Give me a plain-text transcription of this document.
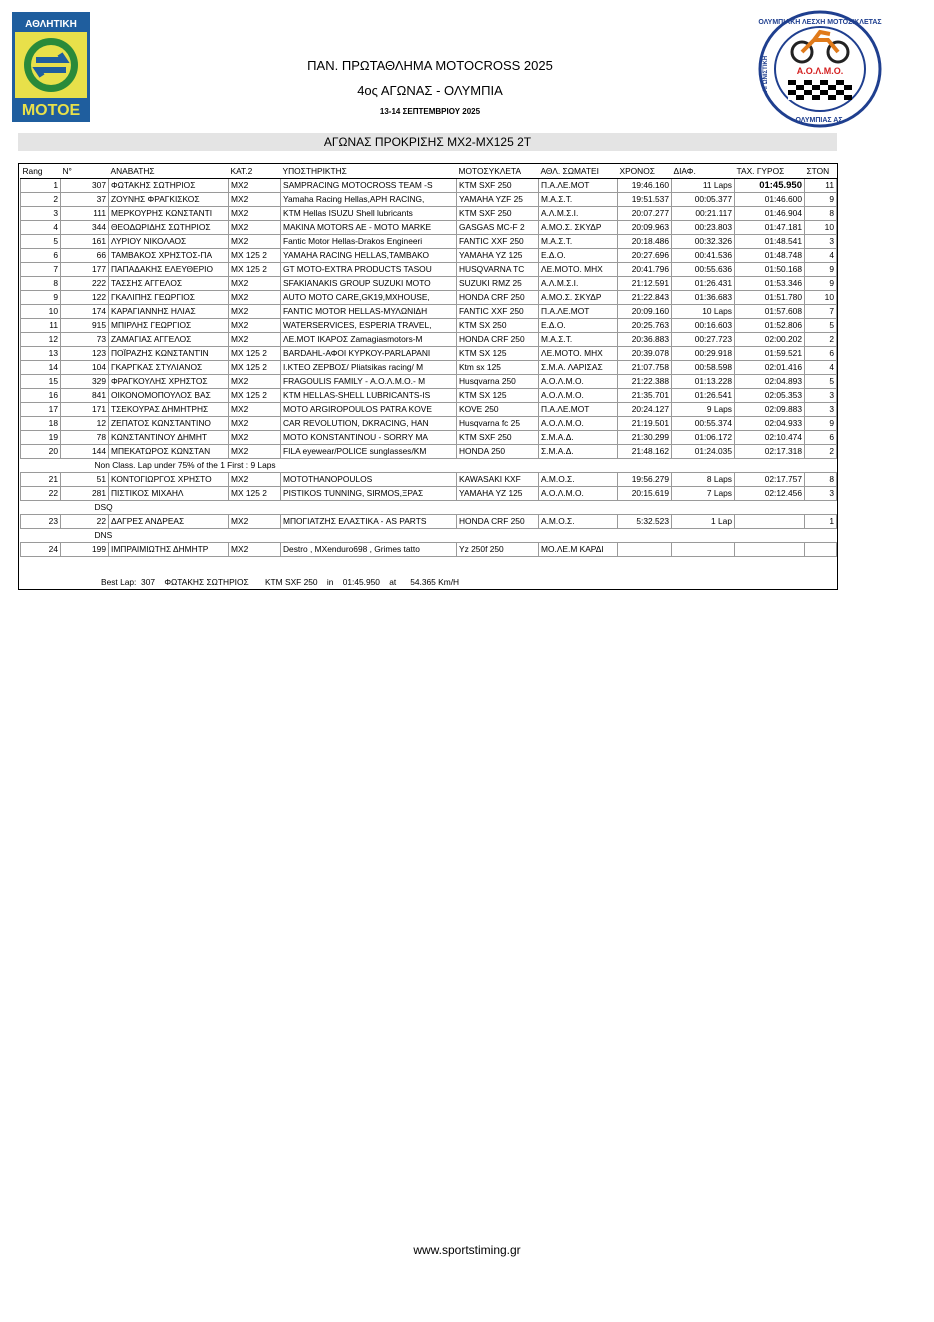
ΑΘΛΗΤΙΚΗ
ΜΟΤΟΕ
ΟΛΥΜΠΙΑΚΗ ΛΕΣΧΗ ΜΟΤΟΣΙΚΛΕΤΑΣ
ΟΛΥΜΠΙΑΣ ΑΣ.
ΑΓΩΝΙΣΤΙΚΗ	Α.Ο.Λ.Μ.Ο.
ΠΑΝ. ΠΡΩΤΑΘΛΗΜΑ MOTOCROSS 2025
4ος ΑΓΩΝΑΣ - ΟΛΥΜΠΙΑ
13-14 ΣΕΠΤΕΜΒΡΙΟΥ 2025
ΑΓΩΝΑΣ ΠΡΟΚΡΙΣΗΣ MX2-MX125 2T
Rang	N°	ΑΝΑΒΑΤΗΣ	ΚΑΤ.2	ΥΠΟΣΤΗΡΙΚΤΗΣ	ΜΟΤΟΣΥΚΛΕΤΑ	ΑΘΛ. ΣΩΜΑΤΕΙ	ΧΡΟΝΟΣ	ΔΙΑΦ.	ΤΑΧ. ΓΥΡΟΣ	ΣΤΟΝ
1	307	ΦΩΤΑΚΗΣ ΣΩΤΗΡΙΟΣ	MX2	SAMPRACING MOTOCROSS TEAM -S	KTM SXF 250	Π.Α.ΛΕ.ΜΟΤ	19:46.160	11 Laps	01:45.950	11
2	37	ΖΟΥΝΗΣ ΦΡΑΓΚΙΣΚΟΣ	MX2	Yamaha Racing Hellas,APH RACING,	YAMAHA YZF 25	Μ.Α.Σ.Τ.	19:51.537	00:05.377	01:46.600	9
3	111	ΜΕΡΚΟΥΡΗΣ ΚΩΝΣΤΑΝΤΙ	MX2	KTM Hellas ISUZU Shell lubricants	KTM SXF 250	Α.Λ.Μ.Σ.Ι.	20:07.277	00:21.117	01:46.904	8
4	344	ΘΕΟΔΩΡΙΔΗΣ ΣΩΤΗΡΙΟΣ	MX2	MAKINA MOTORS AE - MOTO MARKE	GASGAS MC-F 2	Α.ΜΟ.Σ. ΣΚΥΔΡ	20:09.963	00:23.803	01:47.181	10
5	161	ΛΥΡΙΟΥ ΝΙΚΟΛΑΟΣ	MX2	Fantic Motor Hellas-Drakos Engineeri	FANTIC XXF 250	Μ.Α.Σ.Τ.	20:18.486	00:32.326	01:48.541	3
6	66	ΤΑΜΒΑΚΟΣ ΧΡΗΣΤΟΣ-ΠΑ	MX 125 2	YAMAHA RACING HELLAS,ΤΑΜΒΑΚΟ	YAMAHA YZ 125	Ε.Δ.Ο.	20:27.696	00:41.536	01:48.748	4
7	177	ΠΑΠΑΔΑΚΗΣ ΕΛΕΥΘΕΡΙΟ	MX 125 2	GT MOTO-EXTRA PRODUCTS TASOU	HUSQVARNA TC	ΛΕ.ΜΟΤΟ. ΜΗΧ	20:41.796	00:55.636	01:50.168	9
8	222	ΤΑΣΣΗΣ ΑΓΓΕΛΟΣ	MX2	SFAKIANAKIS GROUP SUZUKI MOTO	SUZUKI RMZ 25	Α.Λ.Μ.Σ.Ι.	21:12.591	01:26.431	01:53.346	9
9	122	ΓΚΑΛΙΠΗΣ ΓΕΩΡΓΙΟΣ	MX2	AUTO MOTO CARE,GK19,MXHOUSE,	HONDA CRF 250	Α.ΜΟ.Σ. ΣΚΥΔΡ	21:22.843	01:36.683	01:51.780	10
10	174	ΚΑΡΑΓΙΑΝΝΗΣ ΗΛΙΑΣ	MX2	FANTIC MOTOR HELLAS-ΜΥΛΩΝΙΔΗ	FANTIC XXF 250	Π.Α.ΛΕ.ΜΟΤ	20:09.160	10 Laps	01:57.608	7
11	915	ΜΠΙΡΛΗΣ ΓΕΩΡΓΙΟΣ	MX2	WATERSERVICES, ESPERIA TRAVEL,	KTM SX 250	Ε.Δ.Ο.	20:25.763	00:16.603	01:52.806	5
12	73	ΖΑΜΑΓΙΑΣ ΑΓΓΕΛΟΣ	MX2	ΛΕ.ΜΟΤ ΙΚΑΡΟΣ Zamagiasmotors-M	HONDA CRF 250	Μ.Α.Σ.Τ.	20:36.883	00:27.723	02:00.202	2
13	123	ΠΟΪΡΑΖΗΣ ΚΩΝΣΤΑΝΤΊΝ	MX 125 2	BARDAHL-ΑΦΟΙ ΚΥΡΚΟΥ-PARLAPANI	KTM SX 125	ΛΕ.ΜΟΤΟ. ΜΗΧ	20:39.078	00:29.918	01:59.521	6
14	104	ΓΚΑΡΓΚΑΣ ΣΤΥΛΙΑΝΟΣ	MX 125 2	Ι.ΚΤΕΟ ΖΕΡΒΟΣ/ Pliatsikas racing/ M	Ktm sx 125	Σ.Μ.Α. ΛΑΡΙΣΑΣ	21:07.758	00:58.598	02:01.416	4
15	329	ΦΡΑΓΚΟΥΛΗΣ ΧΡΗΣΤΟΣ	MX2	FRAGOULIS FAMILY - Α.Ο.Λ.Μ.Ο.- M	Husqvarna 250	Α.Ο.Λ.Μ.Ο.	21:22.388	01:13.228	02:04.893	5
16	841	ΟΙΚΟΝΟΜΟΠΟΥΛΟΣ ΒΑΣ	MX 125 2	KTM HELLAS-SHELL LUBRICANTS-IS	KTM SX 125	Α.Ο.Λ.Μ.Ο.	21:35.701	01:26.541	02:05.353	3
17	171	ΤΣΕΚΟΥΡΑΣ ΔΗΜΗΤΡΗΣ	MX2	MOTO ARGIROPOULOS PATRA KOVE	KOVE 250	Π.Α.ΛΕ.ΜΟΤ	20:24.127	9 Laps	02:09.883	3
18	12	ΖΕΠΑΤΟΣ ΚΩΝΣΤΑΝΤΙΝΟ	MX2	CAR REVOLUTION, DKRACING, HAN	Husqvarna fc 25	Α.Ο.Λ.Μ.Ο.	21:19.501	00:55.374	02:04.933	9
19	78	ΚΩΝΣΤΑΝΤΙΝΟΥ ΔΗΜΗΤ	MX2	MOTO KONSTANTINOU - SORRY MA	KTM SXF 250	Σ.Μ.Α.Δ.	21:30.299	01:06.172	02:10.474	6
20	144	ΜΠΕΚΑΤΩΡΟΣ ΚΩΝΣΤΑΝ	MX2	FILA eyewear/POLICE sunglasses/KM	HONDA 250	Σ.Μ.Α.Δ.	21:48.162	01:24.035	02:17.318	2
Non Class. Lap under 75% of the 1 First : 9 Laps										
21	51	ΚΟΝΤΟΓΙΩΡΓΟΣ ΧΡΗΣΤΟ	MX2	MOTOTHANOPOULOS	KAWASAKI KXF	Α.Μ.Ο.Σ.	19:56.279	8 Laps	02:17.757	8
22	281	ΠΙΣΤΙΚΟΣ ΜΙΧΑΗΛ	MX 125 2	PISTIKOS TUNNING, SIRMOS,ΞΡΑΣ	YAMAHA YZ 125	Α.Ο.Λ.Μ.Ο.	20:15.619	7 Laps	02:12.456	3
DSQ										
23	22	ΔΑΓΡΕΣ ΑΝΔΡΕΑΣ	MX2	ΜΠΟΓΙΑΤΖΗΣ ΕΛΑΣΤΙΚΑ - AS PARTS	HONDA CRF 250	Α.Μ.Ο.Σ.	5:32.523	1 Lap		1
DNS										
24	199	ΙΜΠΡΑΙΜΙΩΤΗΣ ΔΗΜΗΤΡ	MX2	Destro , MXenduro698 , Grimes tatto	Yz 250f 250	ΜΟ.ΛΕ.Μ ΚΑΡΔΙ				
Best Lap:  307    ΦΩΤΑΚΗΣ ΣΩΤΗΡΙΟΣ       KTM SXF 250    in    01:45.950    at      54.365 Km/H
www.sportstiming.gr
